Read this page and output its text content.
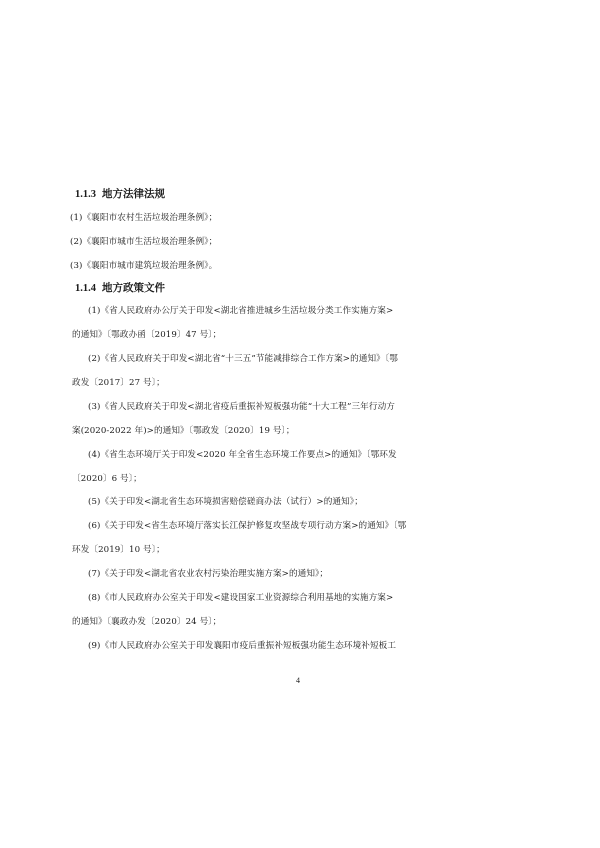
1.1.3 地方法律法规
(1)《襄阳市农村生活垃圾治理条例》；
(2)《襄阳市城市生活垃圾治理条例》；
(3)《襄阳市城市建筑垃圾治理条例》。
1.1.4 地方政策文件
(1)《省人民政府办公厅关于印发<湖北省推进城乡生活垃圾分类工作实施方案>
的通知》〔鄂政办函〔2019〕47 号〕；
(2)《省人民政府关于印发<湖北省“十三五”节能减排综合工作方案>的通知》〔鄂
政发〔2017〕27 号〕；
(3)《省人民政府关于印发<湖北省疫后重振补短板强功能“十大工程”三年行动方
案(2020-2022 年)>的通知》〔鄂政发〔2020〕19 号〕；
(4)《省生态环境厅关于印发<2020 年全省生态环境工作要点>的通知》〔鄂环发
〔2020〕6 号〕；
(5)《关于印发<湖北省生态环境损害赔偿磋商办法（试行）>的通知》；
(6)《关于印发<省生态环境厅落实长江保护修复攻坚战专项行动方案>的通知》〔鄂
环发〔2019〕10 号〕；
(7)《关于印发<湖北省农业农村污染治理实施方案>的通知》；
(8)《市人民政府办公室关于印发<建设国家工业资源综合利用基地的实施方案>
的通知》〔襄政办发〔2020〕24 号〕；
(9)《市人民政府办公室关于印发襄阳市疫后重振补短板强功能生态环境补短板工
4
